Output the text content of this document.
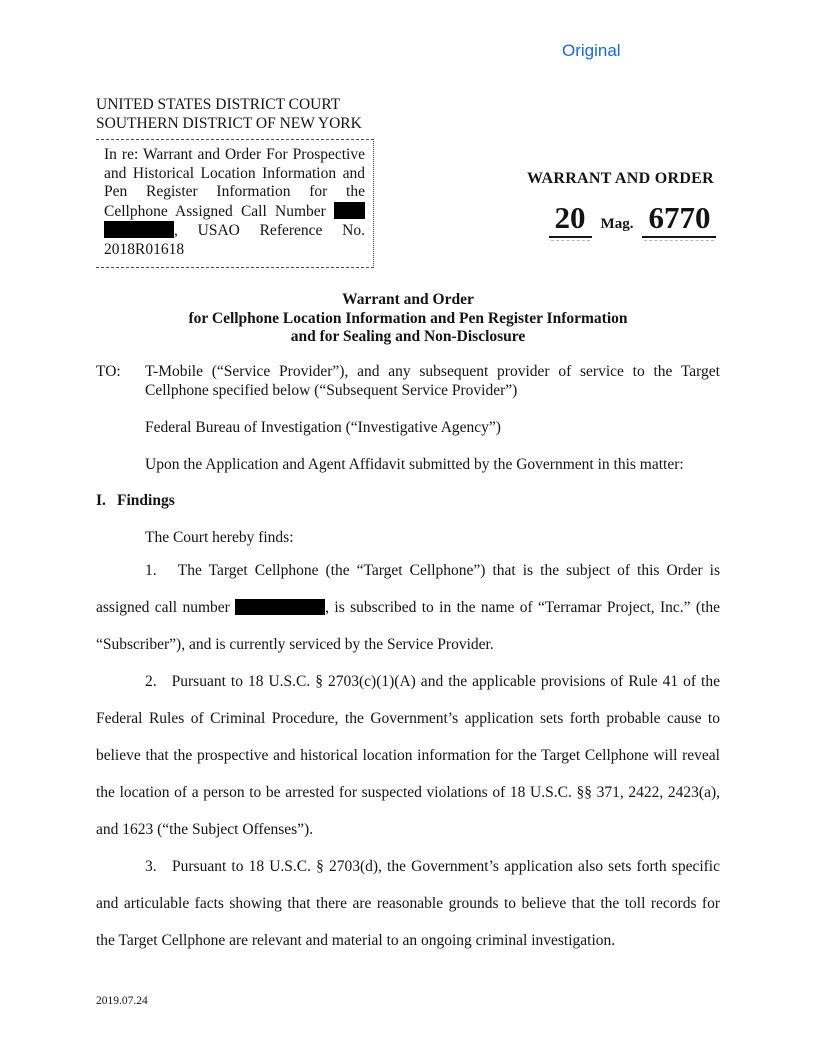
Original
UNITED STATES DISTRICT COURT
SOUTHERN DISTRICT OF NEW YORK
In re: Warrant and Order For Prospective
and Historical Location Information and
Pen Register Information for the
Cellphone Assigned Call Number
, USAO Reference No.
2018R01618
WARRANT AND ORDER
20	Mag. 6770
Warrant and Order
for Cellphone Location Information and Pen Register Information
and for Sealing and Non-Disclosure
TO: T-Mobile (“Service Provider”), and any subsequent provider of service to the Target
Cellphone specified below (“Subsequent Service Provider”)
Federal Bureau of Investigation (“Investigative Agency”)
Upon the Application and Agent Affidavit submitted by the Government in this matter:
I. Findings
The Court hereby finds:
1.   The Target Cellphone (the “Target Cellphone”) that is the subject of this Order is
assigned call number	, is subscribed to in the name of “Terramar Project, Inc.” (the
“Subscriber”), and is currently serviced by the Service Provider.
2.   Pursuant to 18 U.S.C. § 2703(c)(1)(A) and the applicable provisions of Rule 41 of the
Federal Rules of Criminal Procedure, the Government’s application sets forth probable cause to
believe that the prospective and historical location information for the Target Cellphone will reveal
the location of a person to be arrested for suspected violations of 18 U.S.C. §§ 371, 2422, 2423(a),
and 1623 (“the Subject Offenses”).
3.   Pursuant to 18 U.S.C. § 2703(d), the Government’s application also sets forth specific
and articulable facts showing that there are reasonable grounds to believe that the toll records for
the Target Cellphone are relevant and material to an ongoing criminal investigation.
2019.07.24
